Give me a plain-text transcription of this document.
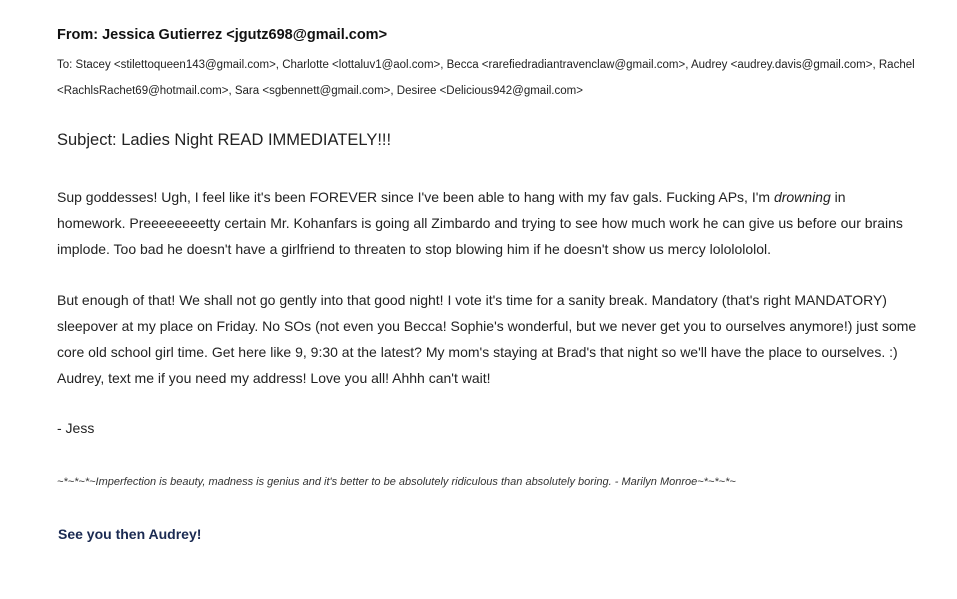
From: Jessica Gutierrez <jgutz698@gmail.com>
To: Stacey <stilettoqueen143@gmail.com>, Charlotte <lottaluv1@aol.com>, Becca <rarefiedradiantravenclaw@gmail.com>, Audrey <audrey.davis@gmail.com>, Rachel <RachlsRachet69@hotmail.com>, Sara <sgbennett@gmail.com>, Desiree <Delicious942@gmail.com>
Subject: Ladies Night READ IMMEDIATELY!!!
Sup goddesses! Ugh, I feel like it's been FOREVER since I've been able to hang with my fav gals. Fucking APs, I'm drowning in homework. Preeeeeeeetty certain Mr. Kohanfars is going all Zimbardo and trying to see how much work he can give us before our brains implode. Too bad he doesn't have a girlfriend to threaten to stop blowing him if he doesn't show us mercy lololololol.
But enough of that! We shall not go gently into that good night! I vote it's time for a sanity break. Mandatory (that's right MANDATORY) sleepover at my place on Friday. No SOs (not even you Becca! Sophie's wonderful, but we never get you to ourselves anymore!) just some core old school girl time. Get here like 9, 9:30 at the latest? My mom's staying at Brad's that night so we'll have the place to ourselves. :) Audrey, text me if you need my address! Love you all! Ahhh can't wait!
- Jess
~*~*~*~Imperfection is beauty, madness is genius and it's better to be absolutely ridiculous than absolutely boring. - Marilyn Monroe~*~*~*~
See you then Audrey!
